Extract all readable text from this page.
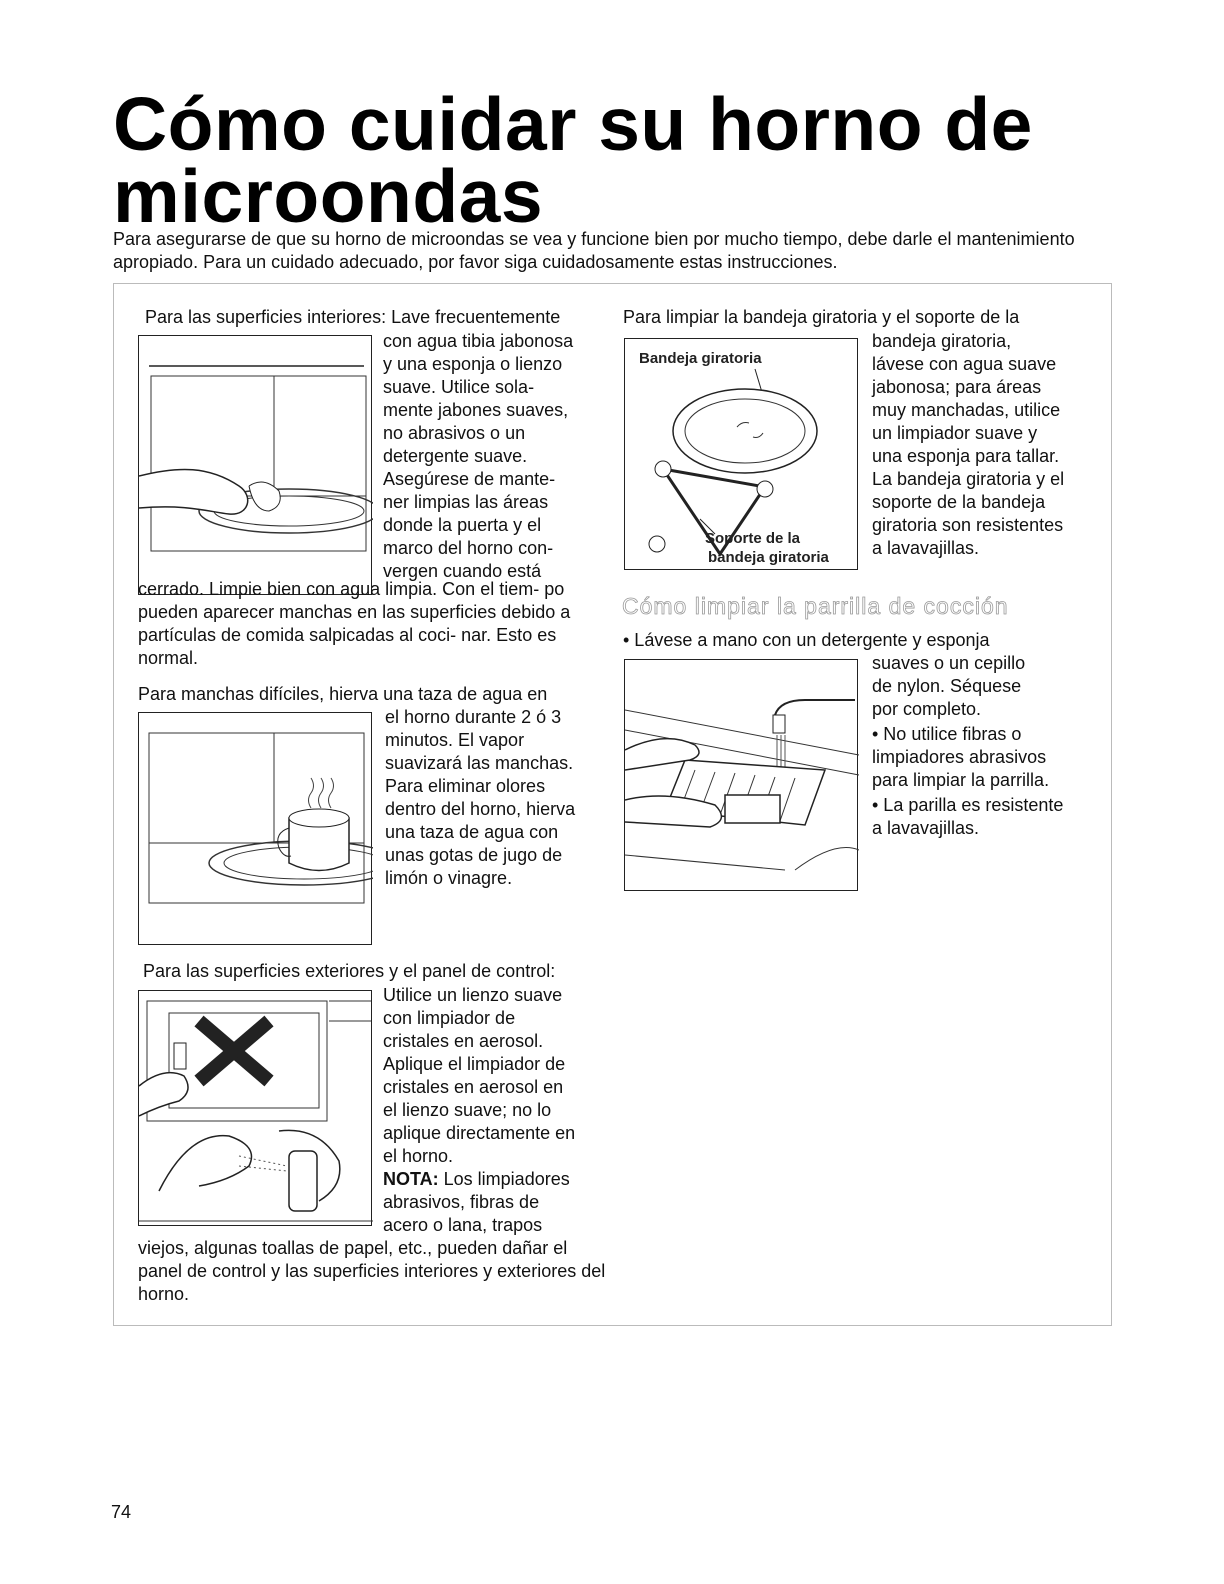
Cómo cuidar su horno de microondas

Para asegurarse de que su horno de microondas se vea y funcione bien por mucho tiempo, debe darle el mantenimiento apropiado. Para un cuidado adecuado, por favor siga cuidadosamente estas instrucciones.

Para las superficies interiores: Lave frecuentemente

con agua tibia jabonosa

y una esponja o lienzo

suave. Utilice sola-

mente jabones suaves,

no abrasivos o un

detergente suave.

Asegúrese de mante-

ner limpias las áreas

donde la puerta y el

marco del horno con-

vergen cuando está

cerrado. Limpie bien con agua limpia. Con el tiem- po pueden aparecer manchas en las superficies debido a partículas de comida salpicadas al coci- nar. Esto es normal.

Para manchas difíciles, hierva una taza de agua en

el horno durante 2 ó 3

minutos. El vapor

suavizará las manchas.

Para eliminar olores

dentro del horno, hierva

una taza de agua con

unas gotas de jugo de

limón o vinagre.

Para las superficies exteriores y el panel de control:

Utilice un lienzo suave

con limpiador de

cristales en aerosol.

Aplique el limpiador de

cristales en aerosol en

el lienzo suave; no lo

aplique directamente en

el horno.

NOTA: Los limpiadores

abrasivos, fibras de

acero o lana, trapos

viejos, algunas toallas de papel, etc., pueden dañar el panel de control y las superficies interiores y exteriores del horno.

Para limpiar la bandeja giratoria y el soporte de la

Bandeja giratoria
Soporte de la
bandeja giratoria

bandeja giratoria,

lávese con agua suave

jabonosa; para áreas

muy manchadas, utilice

un limpiador suave y

una esponja para tallar.

La bandeja giratoria y el

soporte de la bandeja

giratoria son resistentes

a lavavajillas.

Cómo limpiar la parrilla de cocción

• Lávese a mano con un detergente y esponja

suaves o un cepillo

de nylon. Séquese

por completo.

• No utilice fibras o

limpiadores abrasivos

para limpiar la parrilla.

• La parilla es resistente

a lavavajillas.

74
